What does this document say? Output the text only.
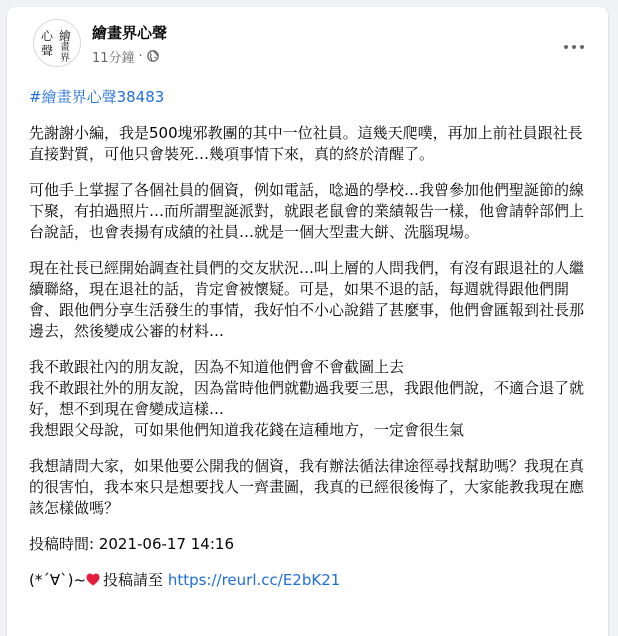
心 繪
聲 畫
界
繪畫界心聲
11分鐘 ·

#繪畫界心聲38483

先謝謝小編，我是500塊邪教團的其中一位社員。這幾天爬噗，再加上前社員跟社長直接對質，可他只會裝死…幾項事情下來，真的終於清醒了。

可他手上掌握了各個社員的個資，例如電話，唸過的學校…我曾參加他們聖誕節的線下聚，有拍過照片…而所謂聖誕派對，就跟老鼠會的業績報告一樣，他會請幹部們上台說話，也會表揚有成績的社員…就是一個大型畫大餅、洗腦現場。

現在社長已經開始調查社員們的交友狀況…叫上層的人問我們，有沒有跟退社的人繼續聯絡，現在退社的話，肯定會被懷疑。可是，如果不退的話，每週就得跟他們開會、跟他們分享生活發生的事情，我好怕不小心說錯了甚麼事，他們會匯報到社長那邊去，然後變成公審的材料…

我不敢跟社內的朋友說，因為不知道他們會不會截圖上去
我不敢跟社外的朋友說，因為當時他們就勸過我要三思，我跟他們說，不適合退了就好，想不到現在會變成這樣…
我想跟父母說，可如果他們知道我花錢在這種地方，一定會很生氣

我想請問大家，如果他要公開我的個資，我有辦法循法律途徑尋找幫助嗎？我現在真的很害怕，我本來只是想要找人一齊畫圖，我真的已經很後悔了，大家能教我現在應該怎樣做嗎？

投稿時間: 2021-06-17 14:16

(*´∀`)~ 投稿請至 https://reurl.cc/E2bK21
